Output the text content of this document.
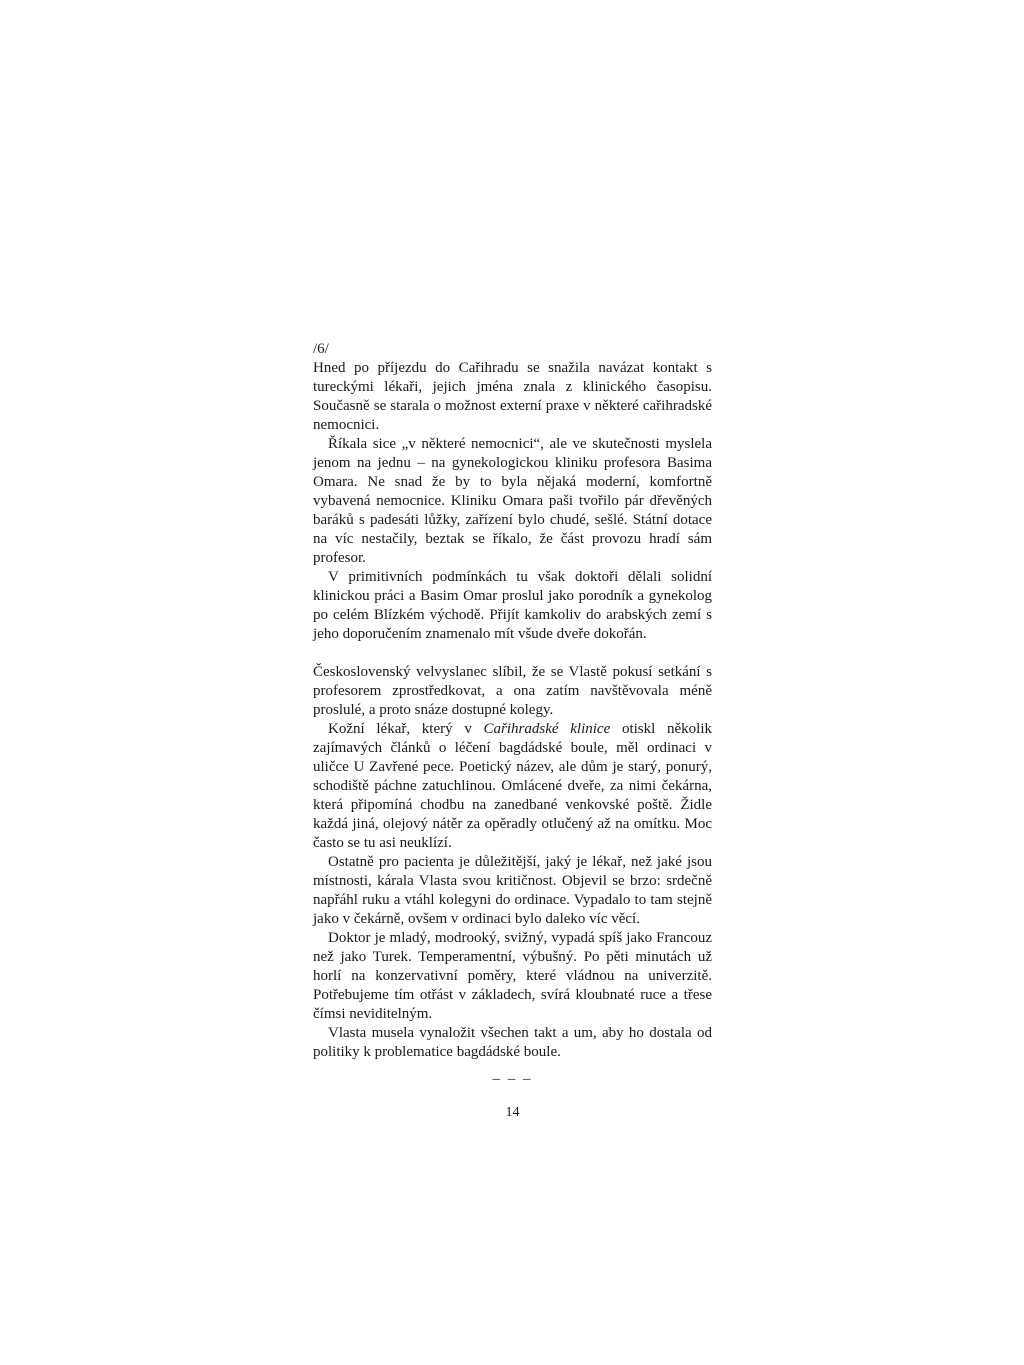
/6/

Hned po příjezdu do Cařihradu se snažila navázat kontakt s tureckými lékaři, jejich jména znala z klinického časopisu. Současně se starala o možnost externí praxe v některé cařihradské nemocnici.

Říkala sice „v některé nemocnici“, ale ve skutečnosti myslela jenom na jednu – na gynekologickou kliniku profesora Basima Omara. Ne snad že by to byla nějaká moderní, komfortně vybavená nemocnice. Kliniku Omara paši tvořilo pár dřevěných baráků s padesáti lůžky, zařízení bylo chudé, sešlé. Státní dotace na víc nestačily, beztak se říkalo, že část provozu hradí sám profesor.

V primitivních podmínkách tu však doktoři dělali solidní klinickou práci a Basim Omar proslul jako porodník a gynekolog po celém Blízkém východě. Přijít kamkoliv do arabských zemí s jeho doporučením znamenalo mít všude dveře dokořán.

Československý velvyslanec slíbil, že se Vlastě pokusí setkání s profesorem zprostředkovat, a ona zatím navštěvovala méně proslulé, a proto snáze dostupné kolegy.

Kožní lékař, který v Cařihradské klinice otiskl několik zajímavých článků o léčení bagdádské boule, měl ordinaci v uličce U Zavřené pece. Poetický název, ale dům je starý, ponurý, schodiště páchne zatuchlinou. Omlácené dveře, za nimi čekárna, která připomíná chodbu na zanedbané venkovské poště. Židle každá jiná, olejový nátěr za opěradly otlučený až na omítku. Moc často se tu asi neuklízí.

Ostatně pro pacienta je důležitější, jaký je lékař, než jaké jsou místnosti, kárala Vlasta svou kritičnost. Objevil se brzo: srdečně napřáhl ruku a vtáhl kolegyni do ordinace. Vypadalo to tam stejně jako v čekárně, ovšem v ordinaci bylo daleko víc věcí.

Doktor je mladý, modrooký, svižný, vypadá spíš jako Francouz než jako Turek. Temperamentní, výbušný. Po pěti minutách už horlí na konzervativní poměry, které vládnou na univerzitě. Potřebujeme tím otřást v základech, svírá kloubnaté ruce a třese čímsi neviditelným.

Vlasta musela vynaložit všechen takt a um, aby ho dostala od politiky k problematice bagdádské boule.

– – –
14
